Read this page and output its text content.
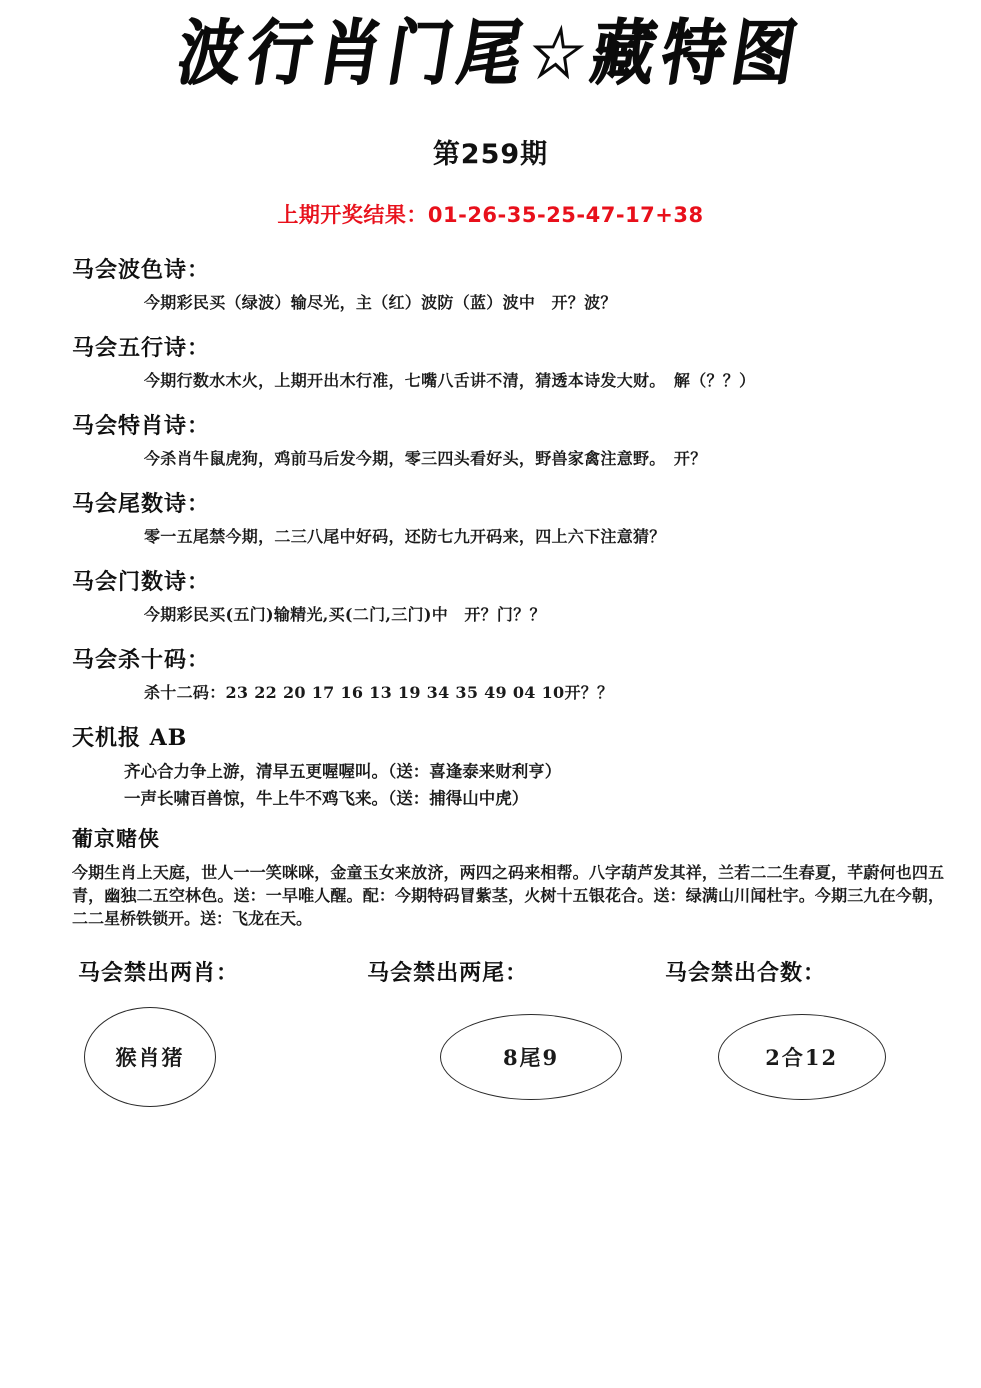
波行肖门尾☆藏特图
第259期
上期开奖结果：01-26-35-25-47-17+38
马会波色诗：
今期彩民买（绿波）输尽光，主（红）波防（蓝）波中　开？波？
马会五行诗：
今期行数水木火，上期开出木行准，七嘴八舌讲不清，猜透本诗发大财。　解（？？）
马会特肖诗：
今杀肖牛鼠虎狗，鸡前马后发今期，零三四头看好头，野兽家禽注意野。　开？
马会尾数诗：
零一五尾禁今期，二三八尾中好码，还防七九开码来，四上六下注意猜？
马会门数诗：
今期彩民买(五门)输精光,买(二门,三门)中　开？门？？
马会杀十码：
杀十二码：23 22 20 17 16 13 19 34 35 49 04 10开？？
天机报 AB
齐心合力争上游，清早五更喔喔叫。（送：喜逢泰来财利亨）
一声长啸百兽惊，牛上牛不鸡飞来。（送：捕得山中虎）
葡京赌侠
今期生肖上天庭，世人一一笑咪咪，金童玉女来放济，两四之码来相帮。八字葫芦发其祥，兰若二二生春夏，芊蔚何也四五青，幽独二五空林色。送：一早唯人醒。配：今期特码冒紫茎，火树十五银花合。送：绿满山川闻杜宇。今期三九在今朝，二二星桥铁锁开。送：飞龙在天。
马会禁出两肖：	马会禁出两尾：	马会禁出合数：
猴肖猪	8尾9	2合12
